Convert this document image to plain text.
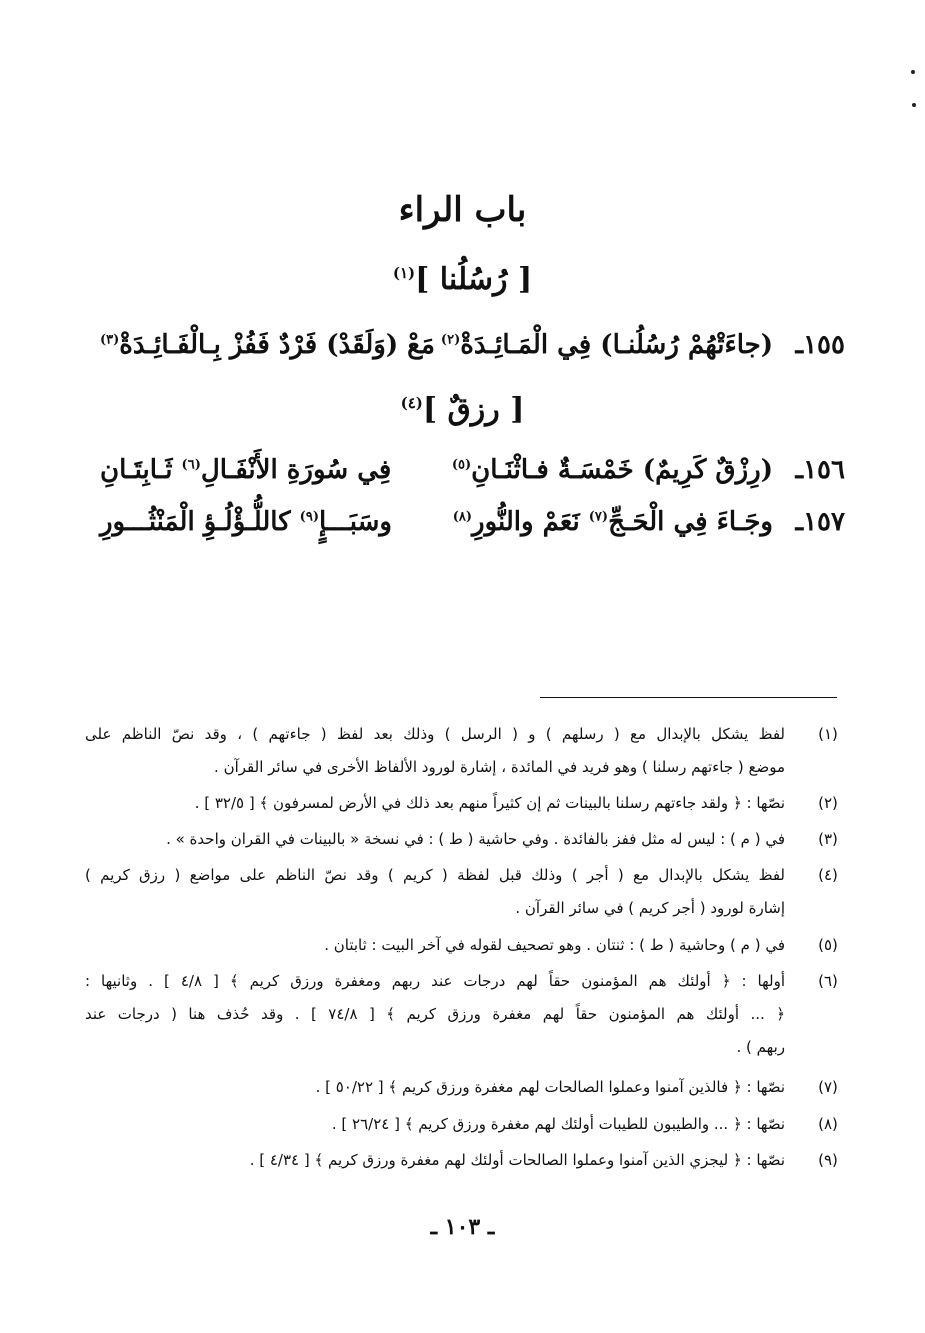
باب الراء
[ رُسُلُنا ]$^{(١)}$
١٥٥ـ
(جاءَتْهُمْ رُسُلُنـا) فِي الْمَـائِـدَةْ$^{(٢)}$
مَعْ (وَلَقَدْ) فَرْدٌ فَفُزْ بِـالْفَـائِـدَةْ$^{(٣)}$
[ رزقٌ ]$^{(٤)}$
١٥٦ـ
(رِزْقٌ كَرِيمٌ) خَمْسَـةٌ فـاثْنَـانِ$^{(٥)}$
فِي سُورَةِ الأَنْفَـالِ$^{(٦)}$ ثَـابِتَـانِ
١٥٧ـ
وجَـاءَ فِي الْحَـجِّ$^{(٧)}$ نَعَمْ والنُّورِ$^{(٨)}$
وسَبَـــإٍ$^{(٩)}$ كاللُّـؤْلُـؤِ الْمَنْثُـــورِ
(١)
لفظ يشكل بالإبدال مع ( رسلهم ) و ( الرسل ) وذلك بعد لفظ ( جاءتهم ) ، وقد نصّ الناظم على
موضع ( جاءتهم رسلنا ) وهو فريد في المائدة ، إشارة لورود الألفاظ الأخرى في سائر القرآن .
(٢)
نصّها : ﴿ ولقد جاءتهم رسلنا بالبينات ثم إن كثيراً منهم بعد ذلك في الأرض لمسرفون ﴾ [ ٣٢/٥ ] .
(٣)
في ( م ) : ليس له مثل ففز بالفائدة . وفي حاشية ( ط ) : في نسخة « بالبينات في القران واحدة » .
(٤)
لفظ يشكل بالإبدال مع ( أجر ) وذلك قبل لفظة ( كريم ) وقد نصّ الناظم على مواضع ( رزق كريم )
إشارة لورود ( أجر كريم ) في سائر القرآن .
(٥)
في ( م ) وحاشية ( ط ) : ثنتان . وهو تصحيف لقوله في آخر البيت : ثابتان .
(٦)
أولها : ﴿ أولئك هم المؤمنون حقاً لهم درجات عند ربهم ومغفرة ورزق كريم ﴾ [ ٤/٨ ] . وثانيها :
﴿ ... أولئك هم المؤمنون حقاً لهم مغفرة ورزق كريم ﴾ [ ٧٤/٨ ] . وقد حُذف هنا ( درجات عند
ربهم ) .
(٧)
نصّها : ﴿ فالذين آمنوا وعملوا الصالحات لهم مغفرة ورزق كريم ﴾ [ ٥٠/٢٢ ] .
(٨)
نصّها : ﴿ ... والطيبون للطيبات أولئك لهم مغفرة ورزق كريم ﴾ [ ٢٦/٢٤ ] .
(٩)
نصّها : ﴿ ليجزي الذين آمنوا وعملوا الصالحات أولئك لهم مغفرة ورزق كريم ﴾ [ ٤/٣٤ ] .
ـ ١٠٣ ـ
